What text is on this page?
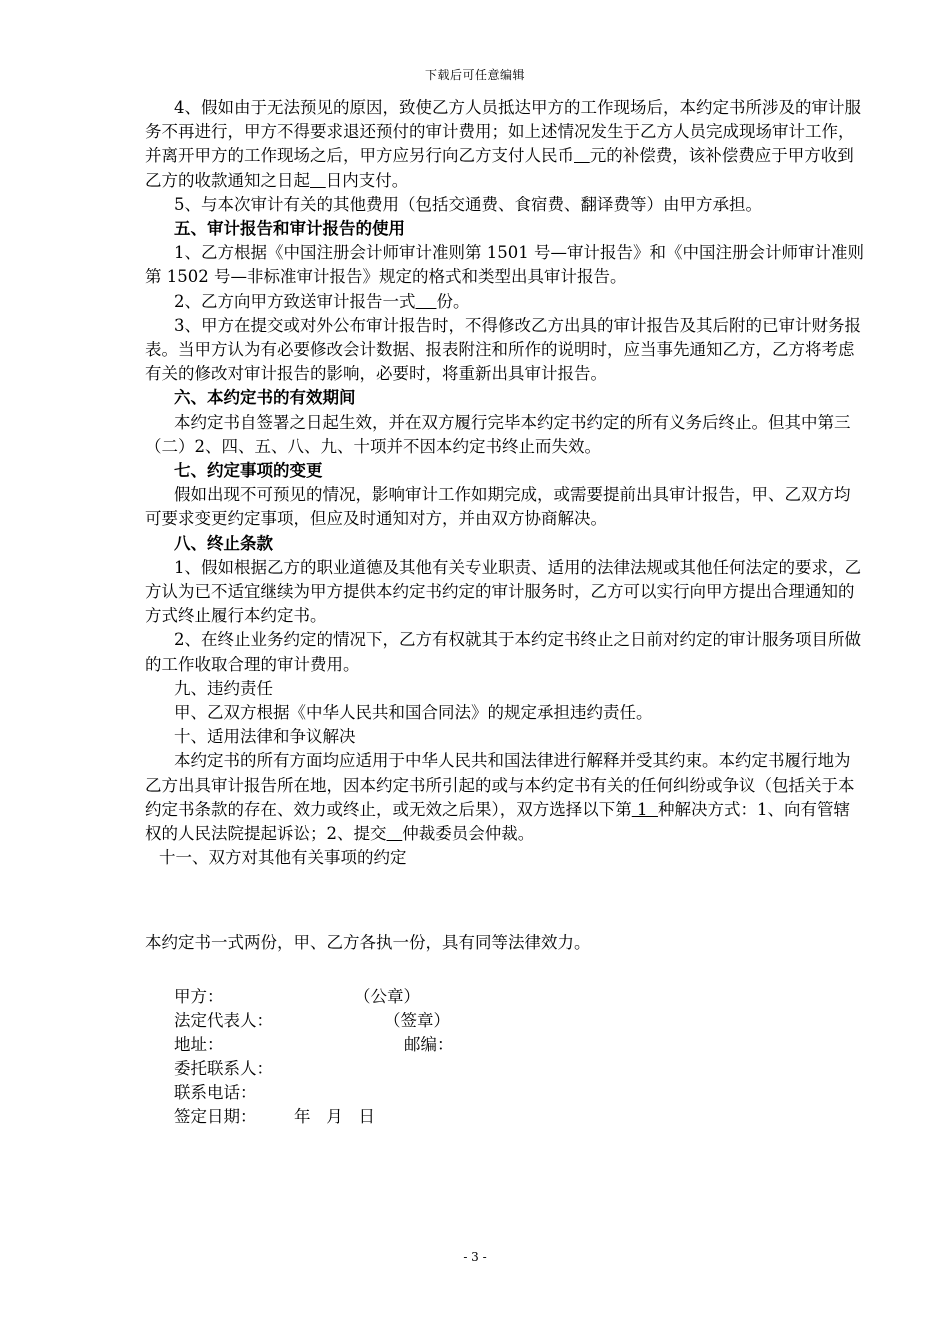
下载后可任意编辑

4、假如由于无法预见的原因，致使乙方人员抵达甲方的工作现场后，本约定书所涉及的审计服务不再进行，甲方不得要求退还预付的审计费用；如上述情况发生于乙方人员完成现场审计工作，并离开甲方的工作现场之后，甲方应另行向乙方支付人民币 元的补偿费，该补偿费应于甲方收到乙方的收款通知之日起 日内支付。

5、与本次审计有关的其他费用（包括交通费、食宿费、翻译费等）由甲方承担。

五、审计报告和审计报告的使用

1、乙方根据《中国注册会计师审计准则第 1501 号—审计报告》和《中国注册会计师审计准则第 1502 号—非标准审计报告》规定的格式和类型出具审计报告。

2、乙方向甲方致送审计报告一式 份。

3、甲方在提交或对外公布审计报告时，不得修改乙方出具的审计报告及其后附的已审计财务报表。当甲方认为有必要修改会计数据、报表附注和所作的说明时，应当事先通知乙方，乙方将考虑有关的修改对审计报告的影响，必要时，将重新出具审计报告。

六、本约定书的有效期间

本约定书自签署之日起生效，并在双方履行完毕本约定书约定的所有义务后终止。但其中第三（二）2、四、五、八、九、十项并不因本约定书终止而失效。

七、约定事项的变更

假如出现不可预见的情况，影响审计工作如期完成，或需要提前出具审计报告，甲、乙双方均可要求变更约定事项，但应及时通知对方，并由双方协商解决。

八、终止条款

1、假如根据乙方的职业道德及其他有关专业职责、适用的法律法规或其他任何法定的要求，乙方认为已不适宜继续为甲方提供本约定书约定的审计服务时，乙方可以实行向甲方提出合理通知的方式终止履行本约定书。

2、在终止业务约定的情况下，乙方有权就其于本约定书终止之日前对约定的审计服务项目所做的工作收取合理的审计费用。

九、违约责任

甲、乙双方根据《中华人民共和国合同法》的规定承担违约责任。

十、适用法律和争议解决

本约定书的所有方面均应适用于中华人民共和国法律进行解释并受其约束。本约定书履行地为乙方出具审计报告所在地，因本约定书所引起的或与本约定书有关的任何纠纷或争议（包括关于本约定书条款的存在、效力或终止，或无效之后果），双方选择以下第 1  种解决方式：1、向有管辖权的人民法院提起诉讼；2、提交 仲裁委员会仲裁。

十一、双方对其他有关事项的约定

本约定书一式两份，甲、乙方各执一份，具有同等法律效力。

甲方：	（公章）
法定代表人：	（签章）
地址：	邮编：
委托联系人：
联系电话：
签定日期： 年   月   日
- 3 -
